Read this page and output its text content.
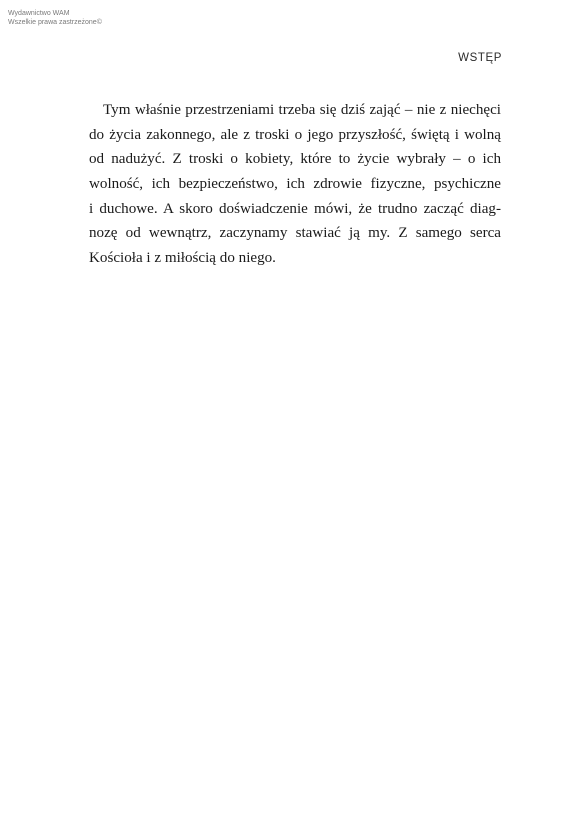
Wydawnictwo WAM
Wszelkie prawa zastrzeżone©
WSTĘP
Tym właśnie przestrzeniami trzeba się dziś zająć – nie z niechęci
do życia zakonnego, ale z troski o jego przyszłość, świętą i wolną
od nadużyć. Z troski o kobiety, które to życie wybrały – o ich
wolność, ich bezpieczeństwo, ich zdrowie fizyczne, psychiczne
i duchowe. A skoro doświadczenie mówi, że trudno zacząć diag-
nozę od wewnątrz, zaczynamy stawiać ją my. Z samego serca
Kościoła i z miłością do niego.
